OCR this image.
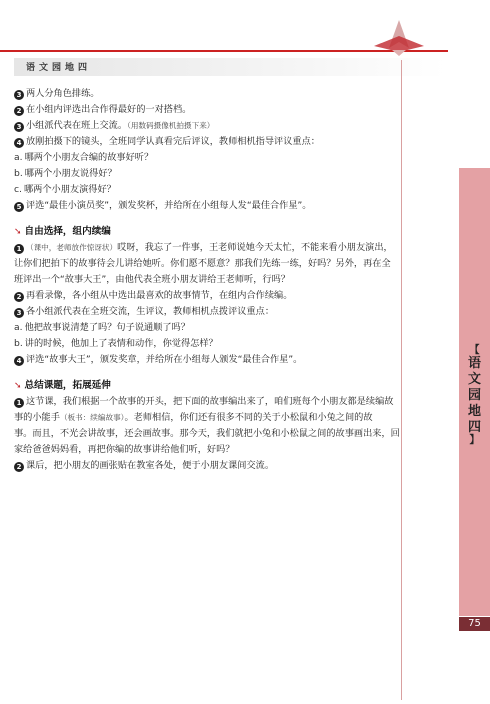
语文园地四
【
语
文
园
地
四
】
75
3 两人分角色排练。
2 在小组内评选出合作得最好的一对搭档。
3 小组派代表在班上交流。（用数码摄像机拍摄下来）
4 放刚拍摄下的镜头，全班同学认真看完后评议，教师相机指导评议重点：
a. 哪两个小朋友合编的故事好听？
b. 哪两个小朋友说得好？
c. 哪两个小朋友演得好？
5 评选“最佳小演员奖”，颁发奖杯，并给所在小组每人发“最佳合作星”。
➘ 自由选择，组内续编
1 （课中，老师放作惊讶状）哎呀，我忘了一件事，王老师说她今天太忙，不能来看小朋友演出，
让你们把拍下的故事待会儿讲给她听。你们愿不愿意？那我们先练一练，好吗？另外，再在全
班评出一个“故事大王”，由他代表全班小朋友讲给王老师听，行吗？
2 再看录像，各小组从中选出最喜欢的故事情节，在组内合作续编。
3 各小组派代表在全班交流，生评议，教师相机点拨评议重点：
a. 他把故事说清楚了吗？句子说通顺了吗？
b. 讲的时候，他加上了表情和动作，你觉得怎样？
4 评选“故事大王”，颁发奖章，并给所在小组每人颁发“最佳合作星”。
➘ 总结课题，拓展延伸
1 这节课，我们根据一个故事的开头，把下面的故事编出来了，咱们班每个小朋友都是续编故
事的小能手（板书：续编故事）。老师相信，你们还有很多不同的关于小松鼠和小兔之间的故
事。而且，不光会讲故事，还会画故事。那今天，我们就把小兔和小松鼠之间的故事画出来，回
家给爸爸妈妈看，再把你编的故事讲给他们听，好吗？
2 课后，把小朋友的画张贴在教室各处，便于小朋友课间交流。
